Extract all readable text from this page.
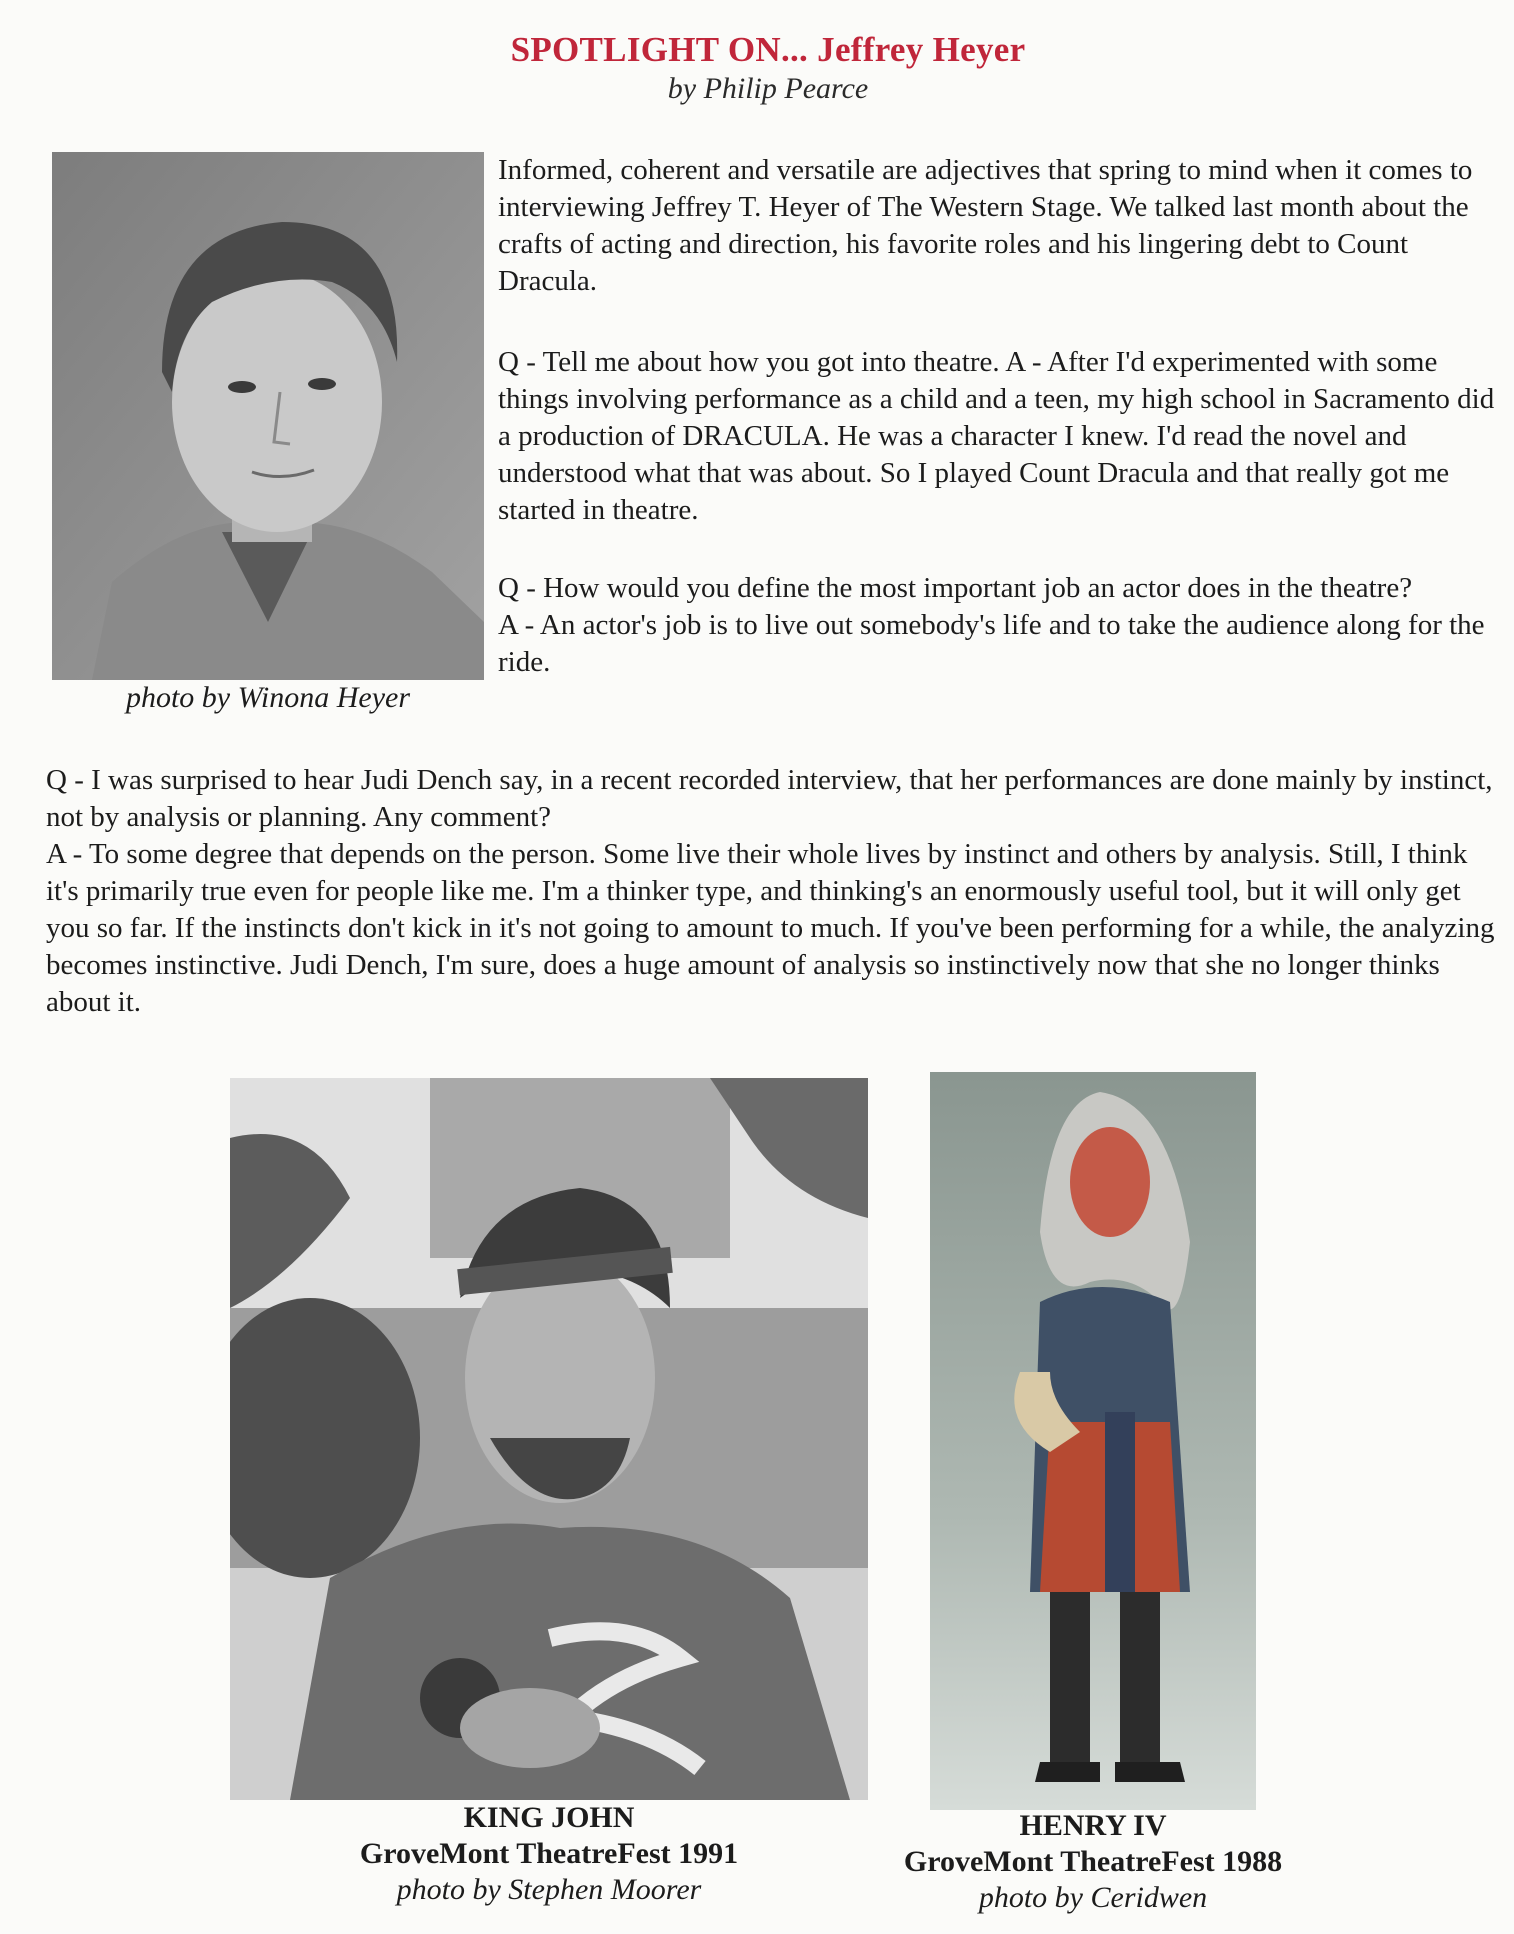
SPOTLIGHT ON... Jeffrey Heyer
by Philip Pearce
photo by Winona Heyer

Informed, coherent and versatile are adjectives that spring to mind when it comes to interviewing Jeffrey T. Heyer of The Western Stage. We talked last month about the crafts of acting and direction, his favorite roles and his lingering debt to Count Dracula.

Q - Tell me about how you got into theatre. A - After I'd experimented with some things involving performance as a child and a teen, my high school in Sacramento did a production of DRACULA. He was a character I knew. I'd read the novel and understood what that was about. So I played Count Dracula and that really got me started in theatre.

Q - How would you define the most important job an actor does in the theatre?

A - An actor's job is to live out somebody's life and to take the audience along for the ride.

Q - I was surprised to hear Judi Dench say, in a recent recorded interview, that her performances are done mainly by instinct, not by analysis or planning. Any comment?

A - To some degree that depends on the person. Some live their whole lives by instinct and others by analysis. Still, I think it's primarily true even for people like me. I'm a thinker type, and thinking's an enormously useful tool, but it will only get you so far. If the instincts don't kick in it's not going to amount to much. If you've been performing for a while, the analyzing becomes instinctive. Judi Dench, I'm sure, does a huge amount of analysis so instinctively now that she no longer thinks about it.

KING JOHN
GroveMont TheatreFest 1991
photo by Stephen Moorer
HENRY IV
GroveMont TheatreFest 1988
photo by Ceridwen
